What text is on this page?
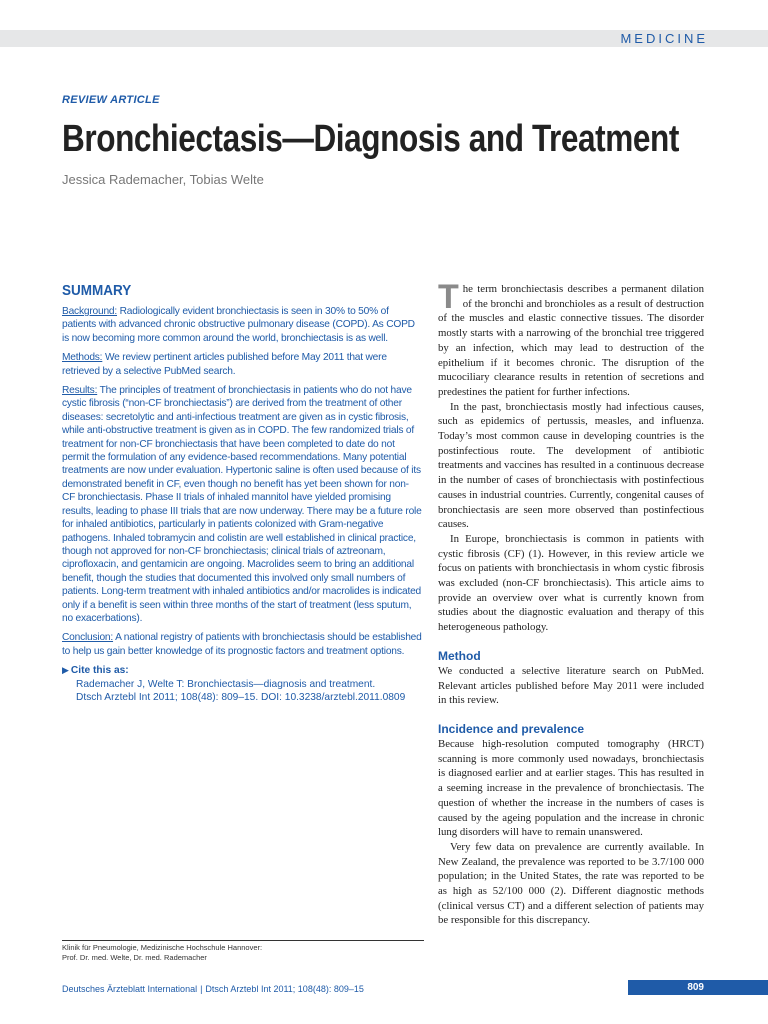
MEDICINE
REVIEW ARTICLE
Bronchiectasis—Diagnosis and Treatment
Jessica Rademacher, Tobias Welte
SUMMARY

Background: Radiologically evident bronchiectasis is seen in 30% to 50% of patients with advanced chronic obstructive pulmonary disease (COPD). As COPD is now becoming more common around the world, bronchiectasis is as well.

Methods: We review pertinent articles published before May 2011 that were retrieved by a selective PubMed search.

Results: The principles of treatment of bronchiectasis in patients who do not have cystic fibrosis (“non-CF bronchiectasis”) are derived from the treatment of other diseases: secretolytic and anti-infectious treatment are given as in cystic fibrosis, while anti-obstructive treatment is given as in COPD. The few randomized trials of treatment for non-CF bronchiectasis that have been completed to date do not permit the formulation of any evidence-based recommendations. Many potential treatments are now under evaluation. Hypertonic saline is often used because of its demonstrated benefit in CF, even though no benefit has yet been shown for non-CF bronchiectasis. Phase II trials of inhaled mannitol have yielded promising results, leading to phase III trials that are now underway. There may be a future role for inhaled antibiotics, particularly in patients colonized with Gram-negative pathogens. Inhaled tobramycin and colistin are well established in clinical practice, though not approved for non-CF bronchiectasis; clinical trials of aztreonam, ciprofloxacin, and gentamicin are ongoing. Macrolides seem to bring an additional benefit, though the studies that documented this involved only small numbers of patients. Long-term treatment with inhaled antibiotics and/or macrolides is indicated only if a benefit is seen within three months of the start of treatment (less sputum, no exacerbations).

Conclusion: A national registry of patients with bronchiectasis should be established to help us gain better knowledge of its prognostic factors and treatment options.

▶ Cite this as:
Rademacher J, Welte T: Bronchiectasis—diagnosis and treatment.
Dtsch Arztebl Int 2011; 108(48): 809–15. DOI: 10.3238/arztebl.2011.0809

The term bronchiectasis describes a permanent dilation of the bronchi and bronchioles as a result of destruction of the muscles and elastic connective tissues. The disorder mostly starts with a narrowing of the bronchial tree triggered by an infection, which may lead to destruction of the epithelium if it becomes chronic. The disruption of the mucociliary clearance results in retention of secretions and predestines the patient for further infections.

In the past, bronchiectasis mostly had infectious causes, such as epidemics of pertussis, measles, and influenza. Today’s most common cause in developing countries is the postinfectious route. The development of antibiotic treatments and vaccines has resulted in a continuous decrease in the number of cases of bronchiectasis with postinfectious causes in industrial countries. Currently, congenital causes of bronchiectasis are seen more observed than postinfectious causes.

In Europe, bronchiectasis is common in patients with cystic fibrosis (CF) (1). However, in this review article we focus on patients with bronchiectasis in whom cystic fibrosis was excluded (non-CF bronchiectasis). This article aims to provide an overview over what is currently known from studies about the diagnostic evaluation and therapy of this heterogeneous pathology.

Method

We conducted a selective literature search on PubMed. Relevant articles published before May 2011 were included in this review.

Incidence and prevalence

Because high-resolution computed tomography (HRCT) scanning is more commonly used nowadays, bronchiectasis is diagnosed earlier and at earlier stages. This has resulted in a seeming increase in the prevalence of bronchiectasis. The question of whether the increase in the numbers of cases is caused by the ageing population and the increase in chronic lung disorders will have to remain unanswered.

Very few data on prevalence are currently available. In New Zealand, the prevalence was reported to be 3.7/100 000 population; in the United States, the rate was reported to be as high as 52/100 000 (2). Different diagnostic methods (clinical versus CT) and a different selection of patients may be responsible for this discrepancy.

Klinik für Pneumologie, Medizinische Hochschule Hannover:
Prof. Dr. med. Welte, Dr. med. Rademacher
Deutsches Ärzteblatt International | Dtsch Arztebl Int 2011; 108(48): 809–15	809
